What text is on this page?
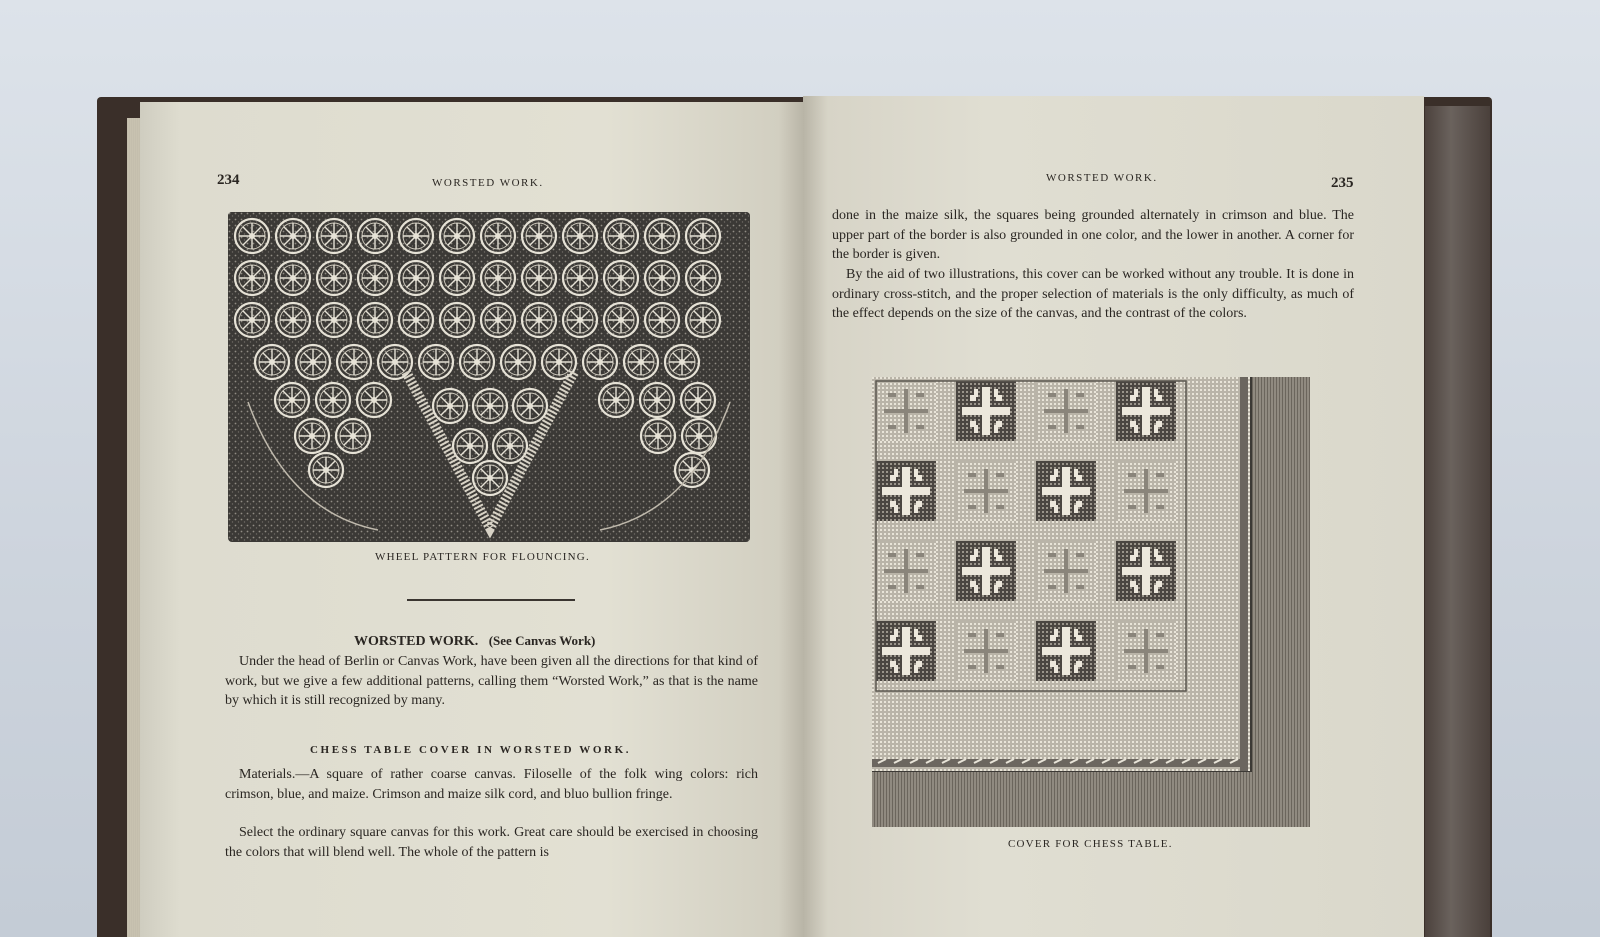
234	WORSTED WORK.
WHEEL PATTERN FOR FLOUNCING.
WORSTED WORK. (See Canvas Work)
Under the head of Berlin or Canvas Work, have been given all the directions for that kind of work, but we give a few additional patterns, calling them “Worsted Work,” as that is the name by which it is still recognized by many.
CHESS TABLE COVER IN WORSTED WORK.
Materials.—A square of rather coarse canvas. Filoselle of the folk wing colors: rich crimson, blue, and maize. Crimson and maize silk cord, and bluo bullion fringe.
Select the ordinary square canvas for this work. Great care should be exercised in choosing the colors that will blend well. The whole of the pattern is
WORSTED WORK.	235
done in the maize silk, the squares being grounded alternately in crimson and blue. The upper part of the border is also grounded in one color, and the lower in another. A corner for the border is given.
By the aid of two illustrations, this cover can be worked without any trouble. It is done in ordinary cross-stitch, and the proper selection of materials is the only difficulty, as much of the effect depends on the size of the canvas, and the contrast of the colors.
COVER FOR CHESS TABLE.
